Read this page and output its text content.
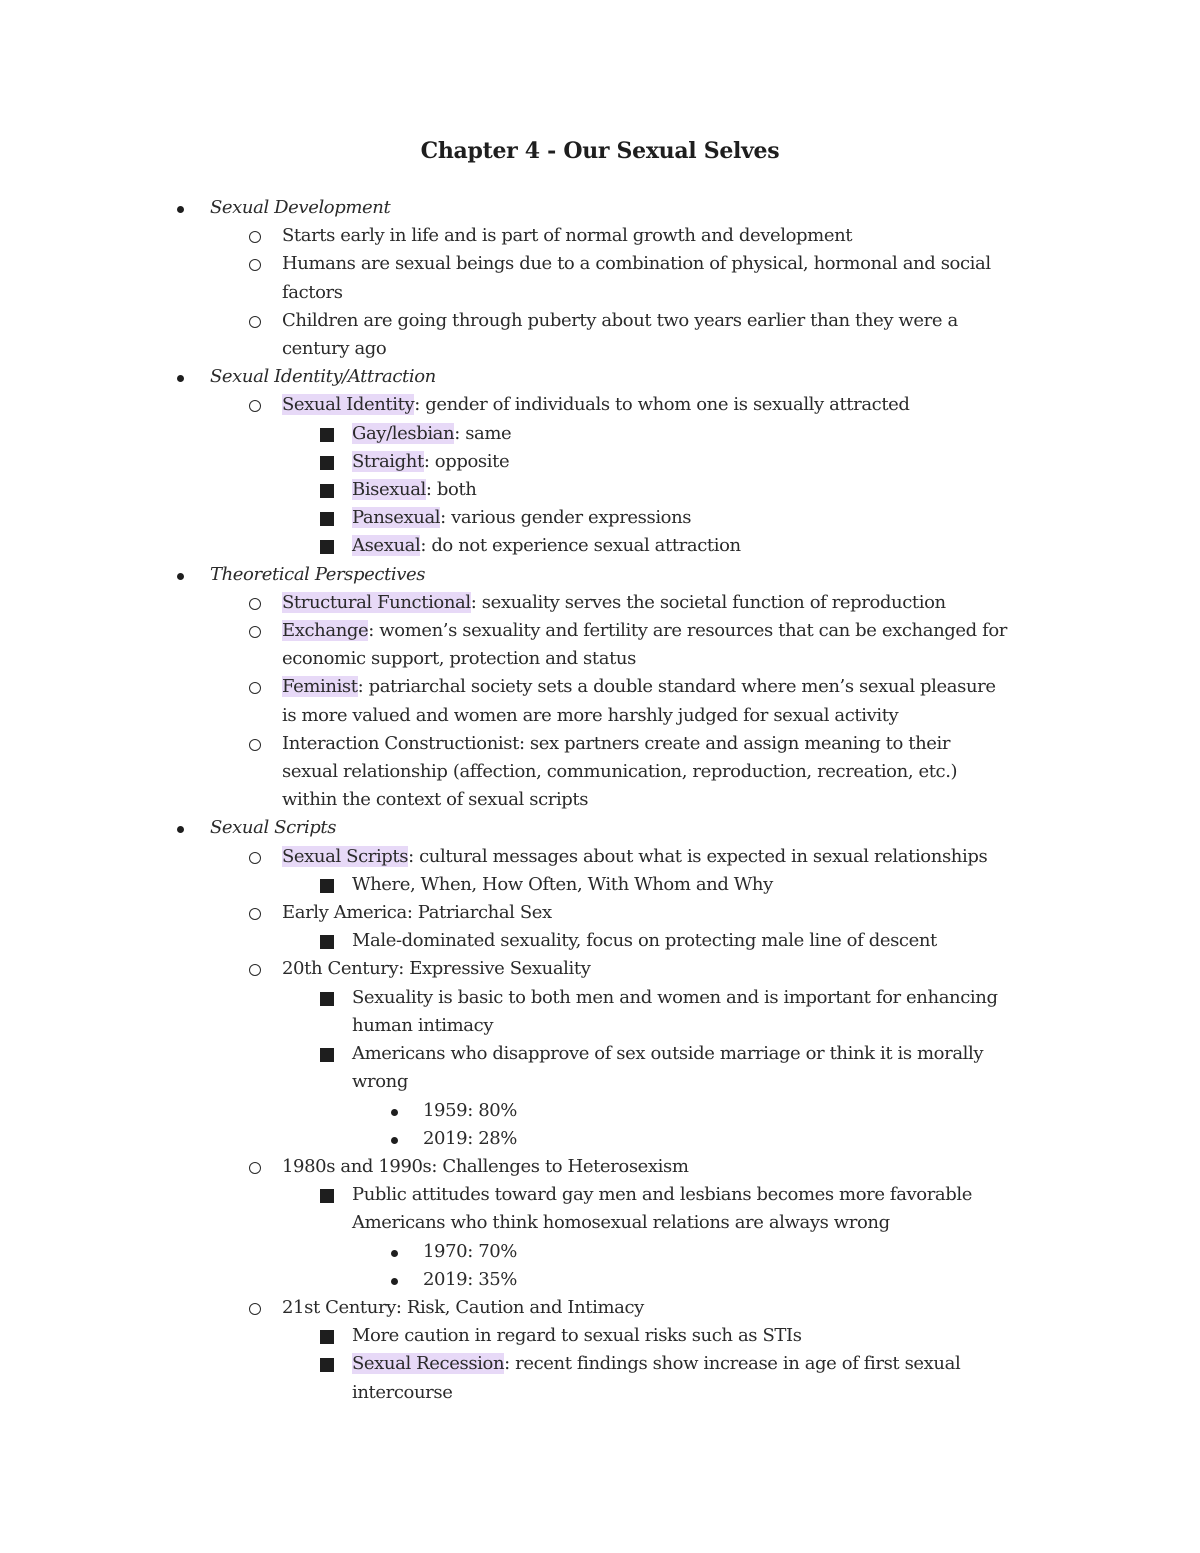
Chapter 4 - Our Sexual Selves
Sexual Development
Starts early in life and is part of normal growth and development
Humans are sexual beings due to a combination of physical, hormonal and social
factors
Children are going through puberty about two years earlier than they were a
century ago
Sexual Identity/Attraction
Sexual Identity: gender of individuals to whom one is sexually attracted
Gay/lesbian: same
Straight: opposite
Bisexual: both
Pansexual: various gender expressions
Asexual: do not experience sexual attraction
Theoretical Perspectives
Structural Functional: sexuality serves the societal function of reproduction
Exchange: women’s sexuality and fertility are resources that can be exchanged for
economic support, protection and status
Feminist: patriarchal society sets a double standard where men’s sexual pleasure
is more valued and women are more harshly judged for sexual activity
Interaction Constructionist: sex partners create and assign meaning to their
sexual relationship (affection, communication, reproduction, recreation, etc.)
within the context of sexual scripts
Sexual Scripts
Sexual Scripts: cultural messages about what is expected in sexual relationships
Where, When, How Often, With Whom and Why
Early America: Patriarchal Sex
Male-dominated sexuality, focus on protecting male line of descent
20th Century: Expressive Sexuality
Sexuality is basic to both men and women and is important for enhancing
human intimacy
Americans who disapprove of sex outside marriage or think it is morally
wrong
1959: 80%
2019: 28%
1980s and 1990s: Challenges to Heterosexism
Public attitudes toward gay men and lesbians becomes more favorable
Americans who think homosexual relations are always wrong
1970: 70%
2019: 35%
21st Century: Risk, Caution and Intimacy
More caution in regard to sexual risks such as STIs
Sexual Recession: recent findings show increase in age of first sexual
intercourse
